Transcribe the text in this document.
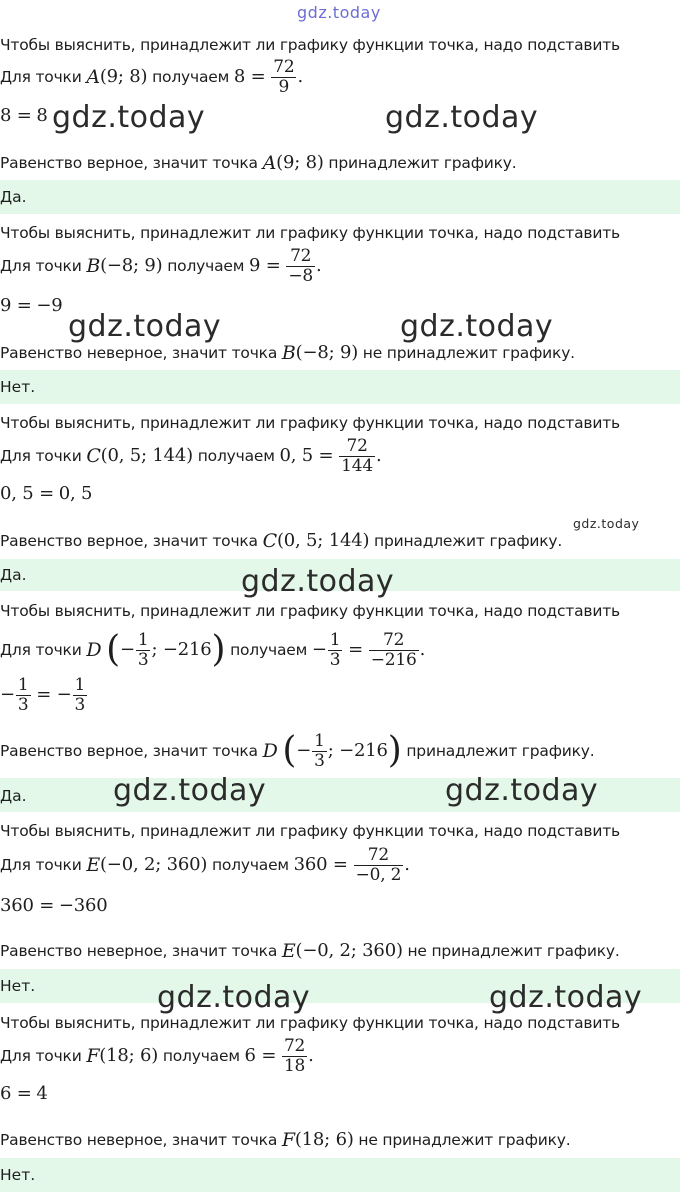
gdz.today
Чтобы выяснить, принадлежит ли графику функции точка, надо подставить
Для точки
A (9; 8)
получаем
8 =
$\frac{72}{9}$ .
8 = 8
Равенство верное, значит точка
A (9; 8)
принадлежит графику.
Да.
Чтобы выяснить, принадлежит ли графику функции точка, надо подставить
Для точки
B (−8; 9)
получаем
9 =
$\frac{72}{-8}$ .
9 = −9
Равенство неверное, значит точка
B (−8; 9)
не принадлежит графику.
Нет.
Чтобы выяснить, принадлежит ли графику функции точка, надо подставить
Для точки
C (0, 5; 144)
получаем
0, 5 =
$\frac{72}{144}$ .
0, 5 = 0, 5
Равенство верное, значит точка
C (0, 5; 144)
принадлежит графику.
Да.
Чтобы выяснить, принадлежит ли графику функции точка, надо подставить
Для точки
D
( − $\frac{1}{3}$ ; −216 )
получаем
− $\frac{1}{3}$
=
$\frac{72}{-216}$ .
− $\frac{1}{3}$
= − $\frac{1}{3}$
Равенство верное, значит точка
D
( − $\frac{1}{3}$ ; −216 )
принадлежит графику.
Да.
Чтобы выяснить, принадлежит ли графику функции точка, надо подставить
Для точки
E (−0, 2; 360)
получаем
360 =
$\frac{72}{-0, 2}$ .
360 = −360
Равенство неверное, значит точка
E (−0, 2; 360)
не принадлежит графику.
Нет.
Чтобы выяснить, принадлежит ли графику функции точка, надо подставить
Для точки
F (18; 6)
получаем
6 =
$\frac{72}{18}$ .
6 = 4
Равенство неверное, значит точка
F (18; 6)
не принадлежит графику.
Нет.
gdz.today	gdz.today
gdz.today	gdz.today
gdz.today
gdz.today
gdz.today	gdz.today
gdz.today	gdz.today
